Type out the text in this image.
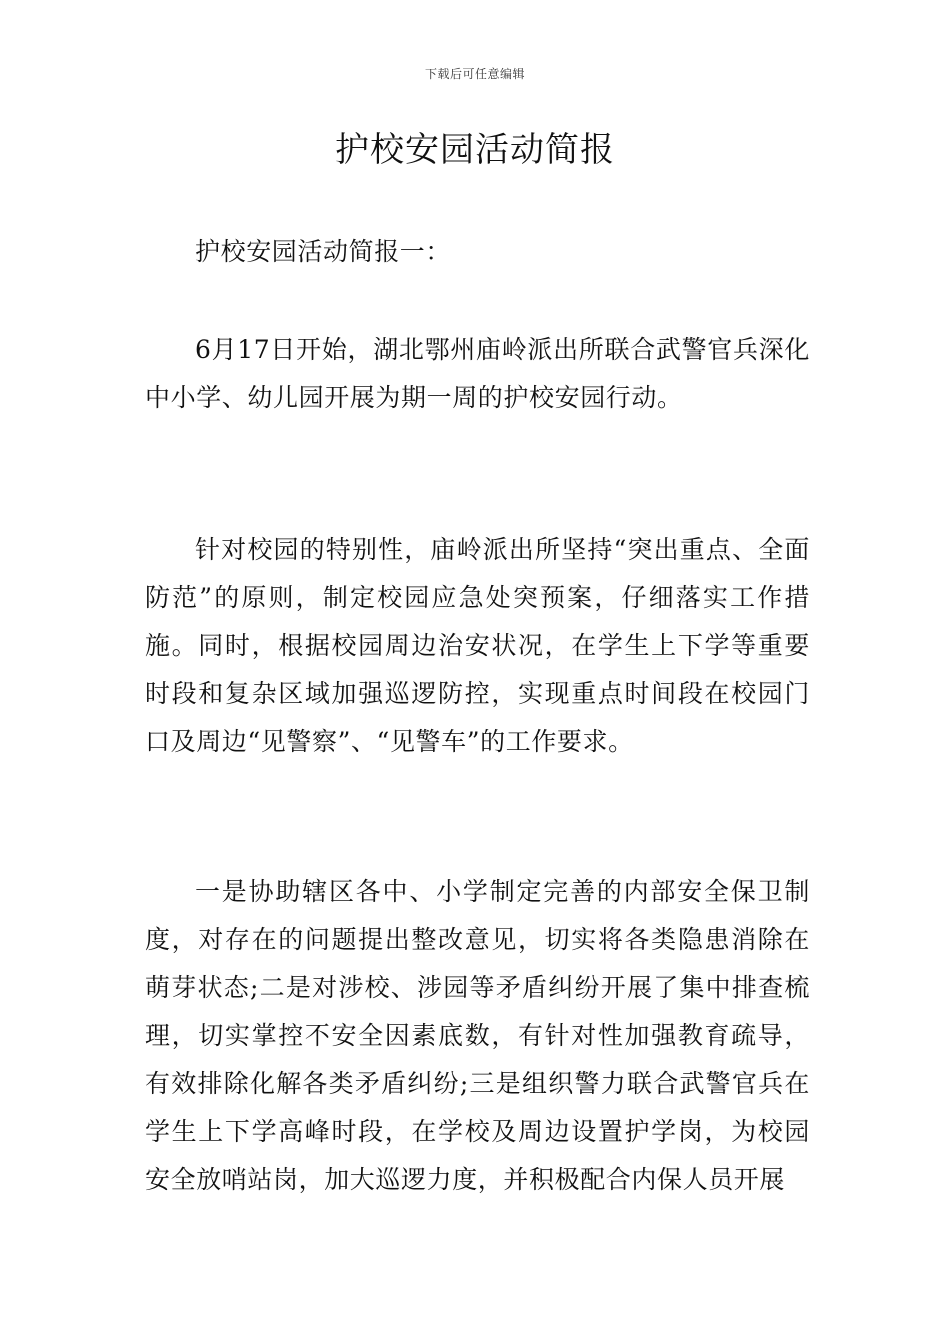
下载后可任意编辑
护校安园活动简报

护校安园活动简报一：

6月17日开始，湖北鄂州庙岭派出所联合武警官兵深化中小学、幼儿园开展为期一周的护校安园行动。

针对校园的特别性，庙岭派出所坚持“突出重点、全面防范”的原则，制定校园应急处突预案，仔细落实工作措施。同时，根据校园周边治安状况，在学生上下学等重要时段和复杂区域加强巡逻防控，实现重点时间段在校园门口及周边“见警察”、“见警车”的工作要求。

一是协助辖区各中、小学制定完善的内部安全保卫制度，对存在的问题提出整改意见，切实将各类隐患消除在萌芽状态;二是对涉校、涉园等矛盾纠纷开展了集中排查梳理，切实掌控不安全因素底数，有针对性加强教育疏导，有效排除化解各类矛盾纠纷;三是组织警力联合武警官兵在学生上下学高峰时段，在学校及周边设置护学岗，为校园安全放哨站岗，加大巡逻力度，并积极配合内保人员开展
